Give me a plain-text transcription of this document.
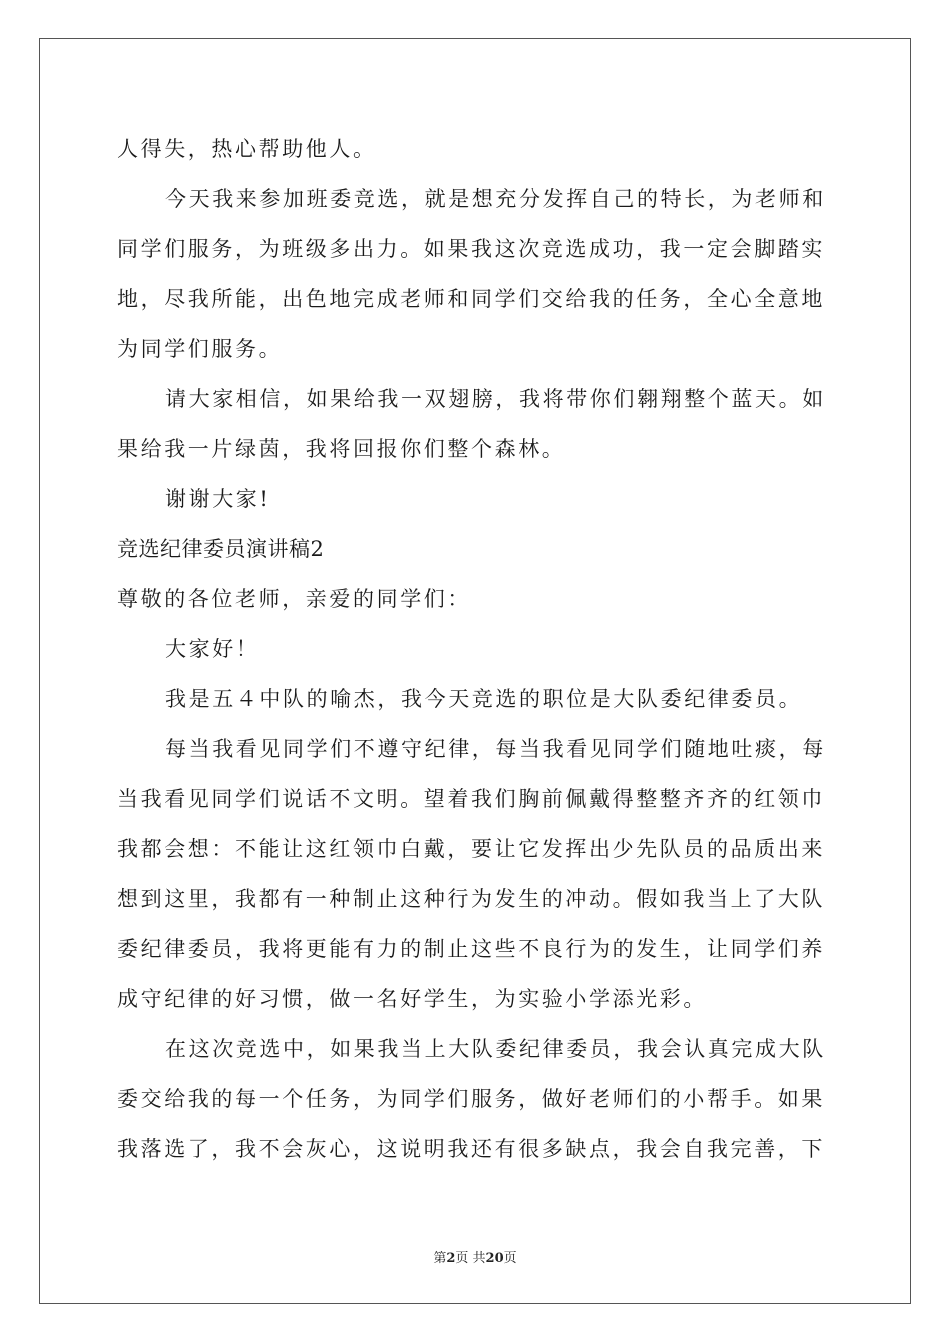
人得失，热心帮助他人。
今天我来参加班委竞选，就是想充分发挥自己的特长，为老师和
同学们服务，为班级多出力。如果我这次竞选成功，我一定会脚踏实
地，尽我所能，出色地完成老师和同学们交给我的任务，全心全意地
为同学们服务。
请大家相信，如果给我一双翅膀，我将带你们翱翔整个蓝天。如
果给我一片绿茵，我将回报你们整个森林。
谢谢大家!
竞选纪律委员演讲稿2
尊敬的各位老师，亲爱的同学们：
大家好！
我是五４中队的喻杰，我今天竞选的职位是大队委纪律委员。
每当我看见同学们不遵守纪律，每当我看见同学们随地吐痰，每
当我看见同学们说话不文明。望着我们胸前佩戴得整整齐齐的红领巾
我都会想：不能让这红领巾白戴，要让它发挥出少先队员的品质出来
想到这里，我都有一种制止这种行为发生的冲动。假如我当上了大队
委纪律委员，我将更能有力的制止这些不良行为的发生，让同学们养
成守纪律的好习惯，做一名好学生，为实验小学添光彩。
在这次竞选中，如果我当上大队委纪律委员，我会认真完成大队
委交给我的每一个任务，为同学们服务，做好老师们的小帮手。如果
我落选了，我不会灰心，这说明我还有很多缺点，我会自我完善，下
第2页 共20页
